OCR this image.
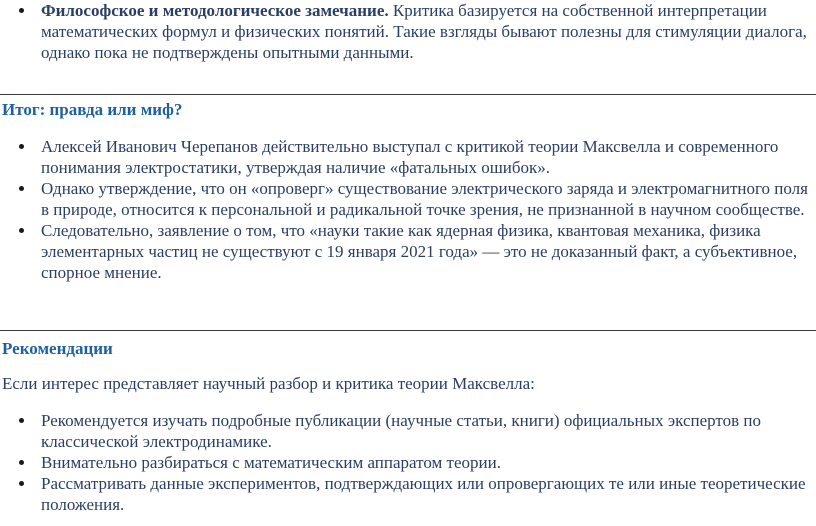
Философское и методологическое замечание. Критика базируется на собственной интерпретации математических формул и физических понятий. Такие взгляды бывают полезны для стимуляции диалога, однако пока не подтверждены опытными данными.
Итог: правда или миф?
Алексей Иванович Черепанов действительно выступал с критикой теории Максвелла и современного понимания электростатики, утверждая наличие «фатальных ошибок».
Однако утверждение, что он «опроверг» существование электрического заряда и электромагнитного поля в природе, относится к персональной и радикальной точке зрения, не признанной в научном сообществе.
Следовательно, заявление о том, что «науки такие как ядерная физика, квантовая механика, физика элементарных частиц не существуют с 19 января 2021 года» — это не доказанный факт, а субъективное, спорное мнение.
Рекомендации
Если интерес представляет научный разбор и критика теории Максвелла:
Рекомендуется изучать подробные публикации (научные статьи, книги) официальных экспертов по классической электродинамике.
Внимательно разбираться с математическим аппаратом теории.
Рассматривать данные экспериментов, подтверждающих или опровергающих те или иные теоретические положения.
